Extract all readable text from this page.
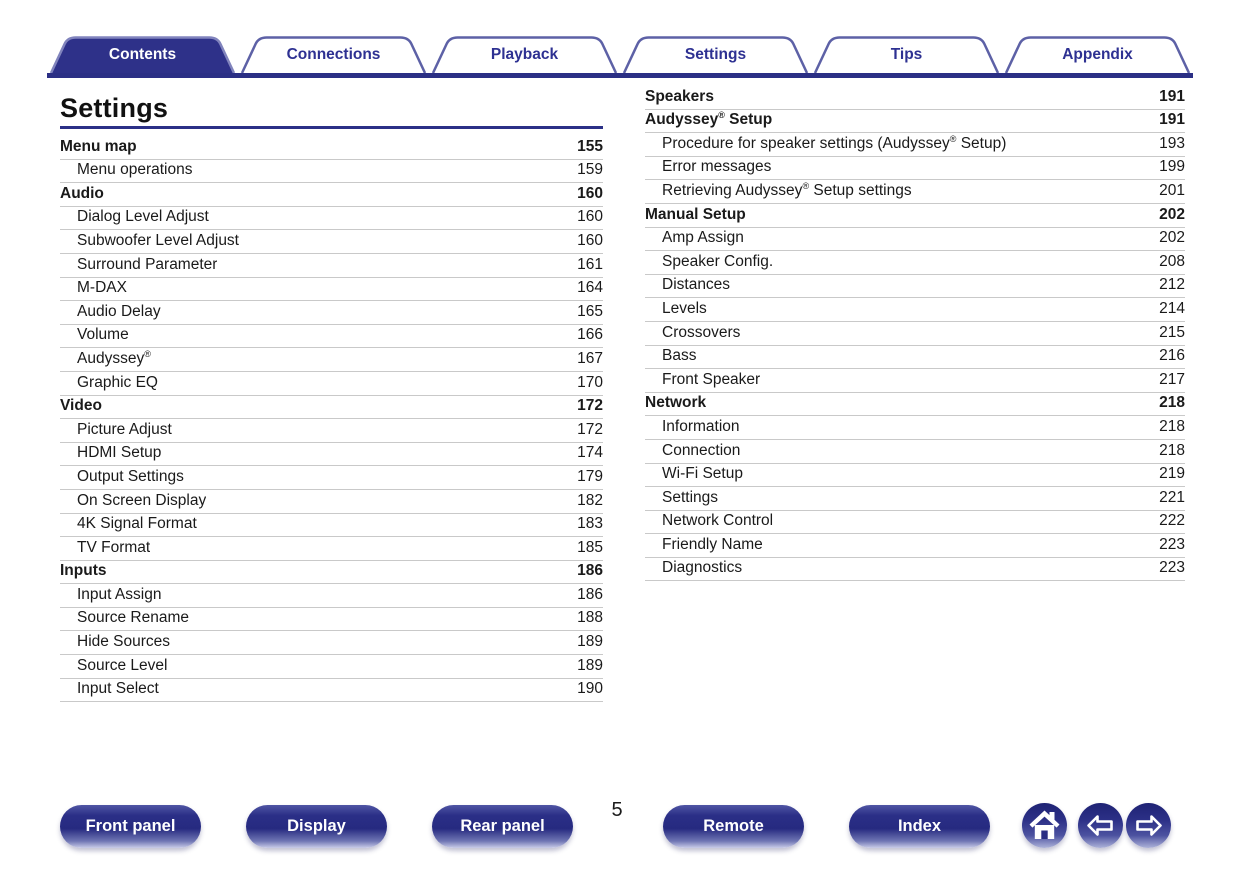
Contents	Connections	Playback	Settings	Tips	Appendix
Settings
Menu map	155
Menu operations	159
Audio	160
Dialog Level Adjust	160
Subwoofer Level Adjust	160
Surround Parameter	161
M-DAX	164
Audio Delay	165
Volume	166
Audyssey®	167
Graphic EQ	170
Video	172
Picture Adjust	172
HDMI Setup	174
Output Settings	179
On Screen Display	182
4K Signal Format	183
TV Format	185
Inputs	186
Input Assign	186
Source Rename	188
Hide Sources	189
Source Level	189
Input Select	190
Speakers	191
Audyssey® Setup	191
Procedure for speaker settings (Audyssey® Setup)	193
Error messages	199
Retrieving Audyssey® Setup settings	201
Manual Setup	202
Amp Assign	202
Speaker Config.	208
Distances	212
Levels	214
Crossovers	215
Bass	216
Front Speaker	217
Network	218
Information	218
Connection	218
Wi-Fi Setup	219
Settings	221
Network Control	222
Friendly Name	223
Diagnostics	223
Front panel	Display	Rear panel
5
Remote	Index
